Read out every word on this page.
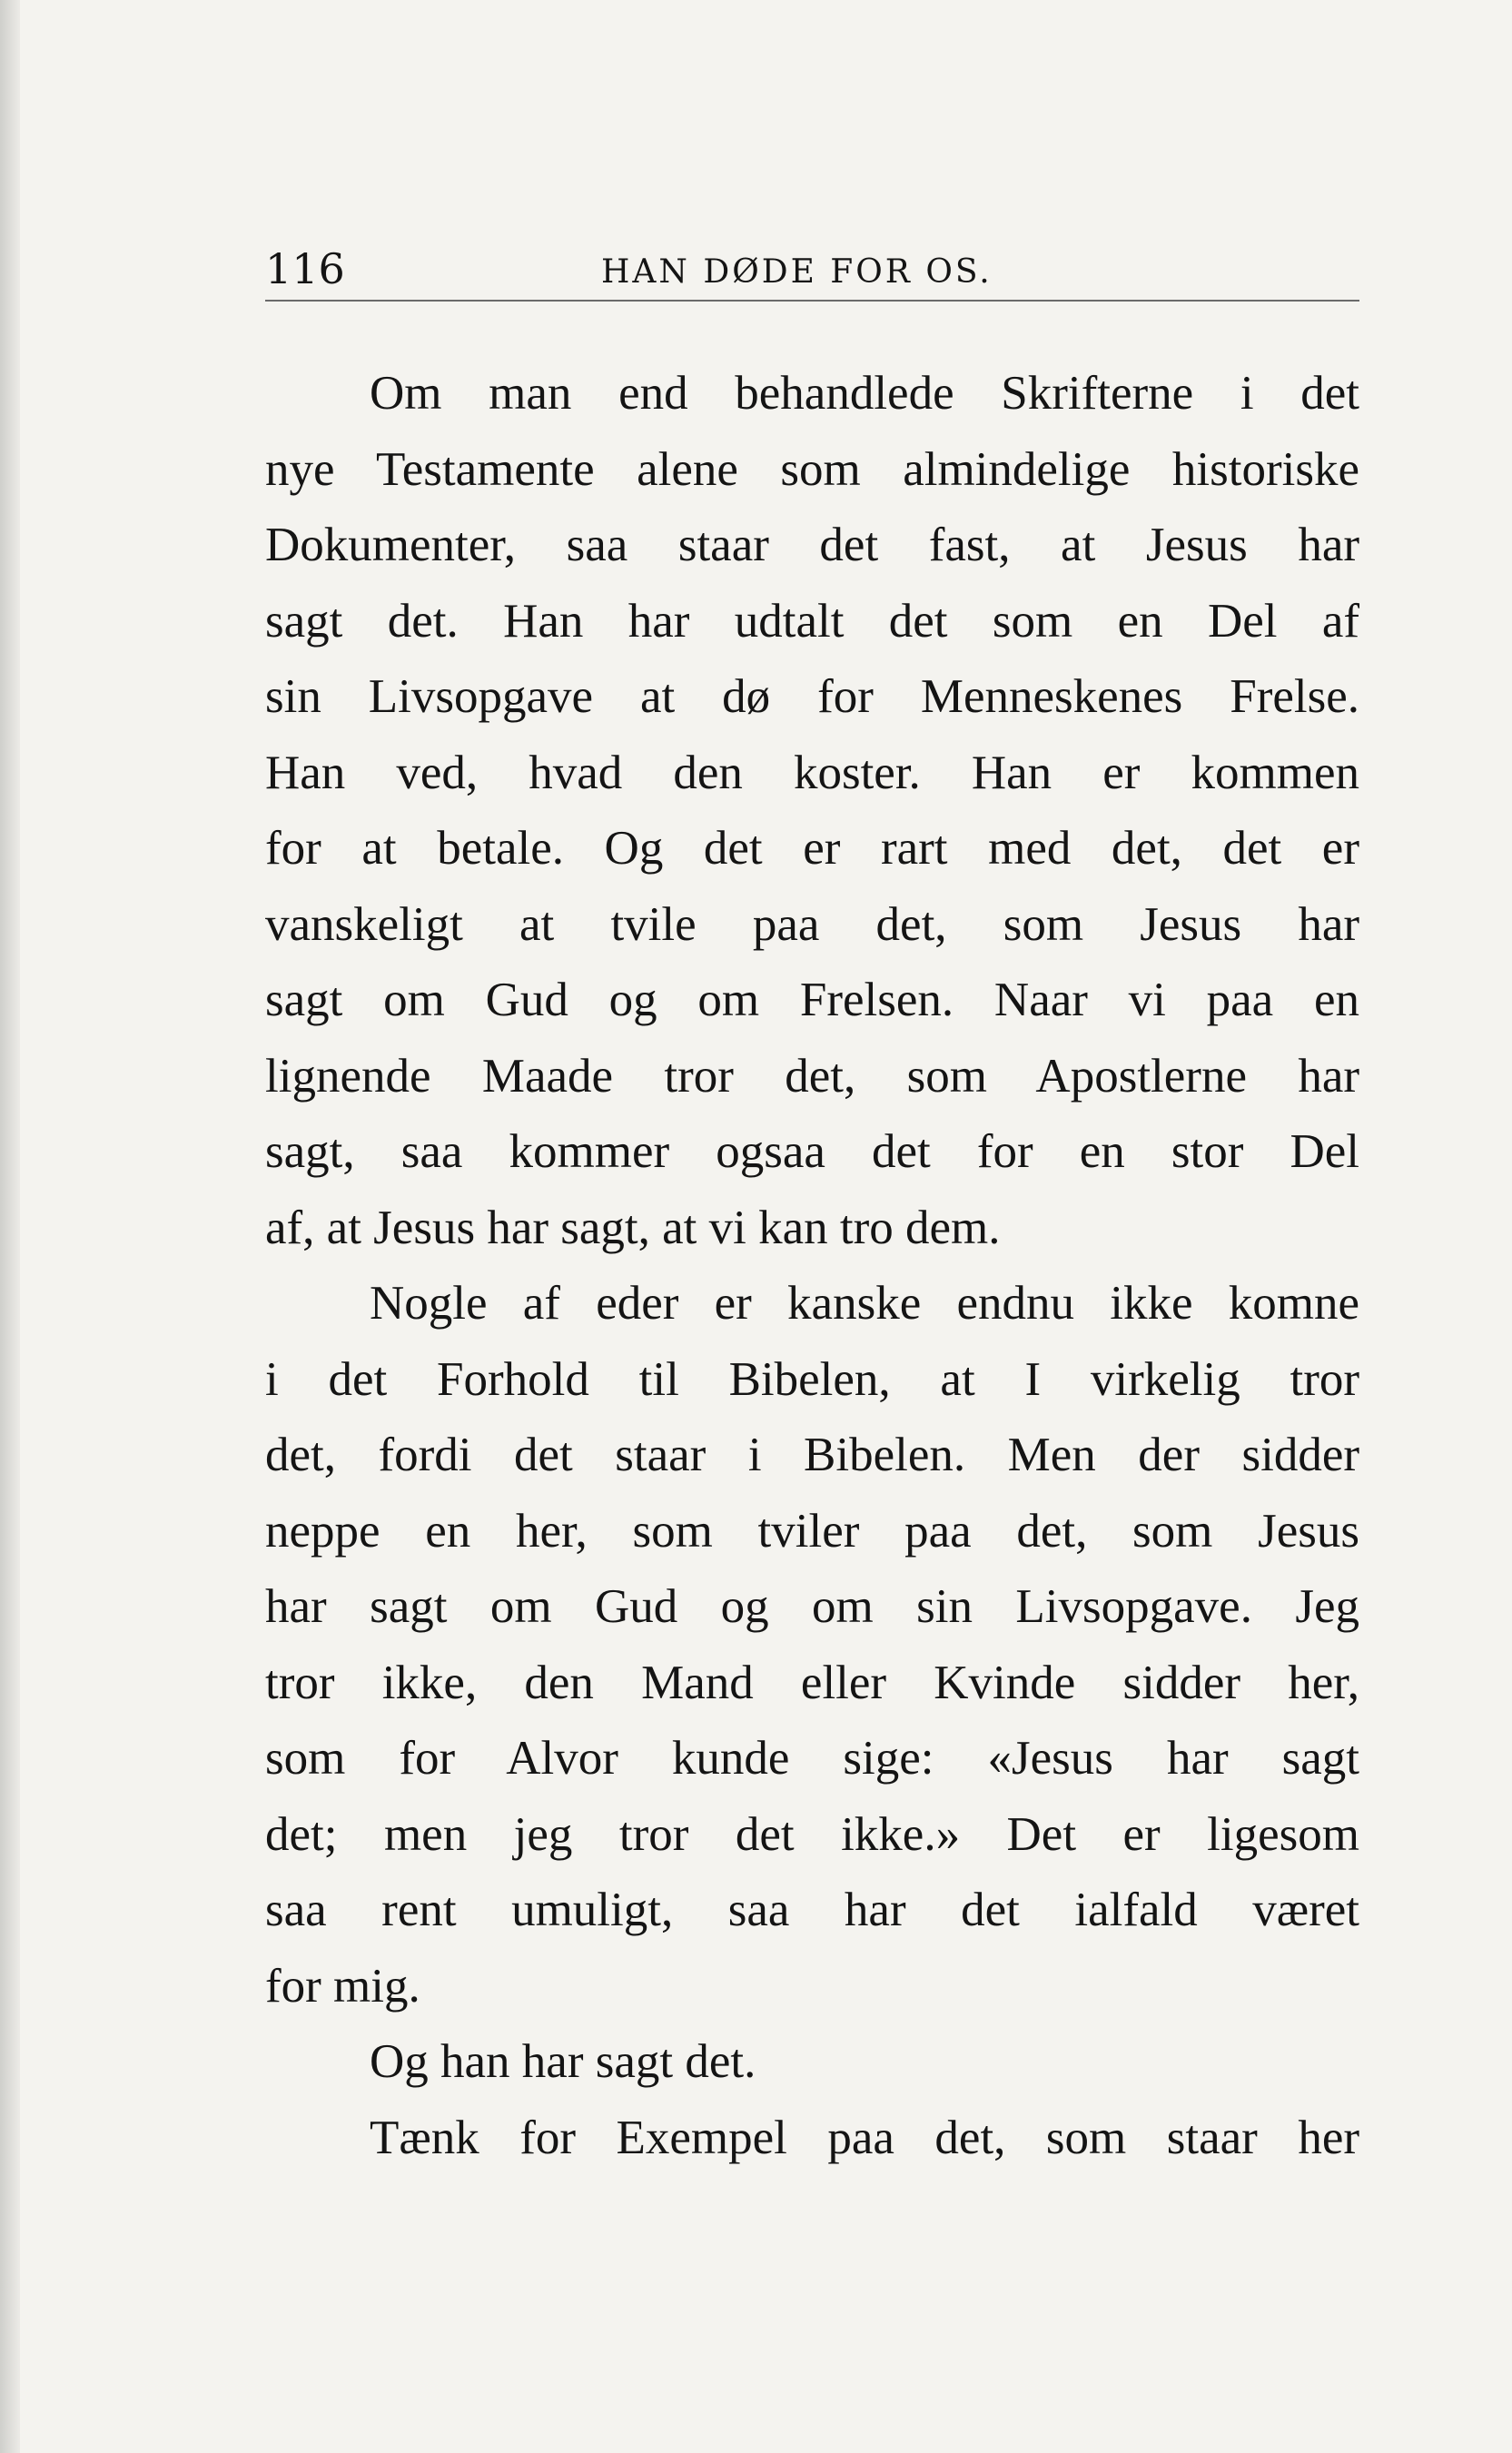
116	HAN DØDE FOR OS.

Om man end behandlede Skrifterne i det
nye Testamente alene som almindelige historiske
Dokumenter, saa staar det fast, at Jesus har
sagt det. Han har udtalt det som en Del af
sin Livsopgave at dø for Menneskenes Frelse.
Han ved, hvad den koster. Han er kommen
for at betale. Og det er rart med det, det er
vanskeligt at tvile paa det, som Jesus har
sagt om Gud og om Frelsen. Naar vi paa en
lignende Maade tror det, som Apostlerne har
sagt, saa kommer ogsaa det for en stor Del
af, at Jesus har sagt, at vi kan tro dem.

Nogle af eder er kanske endnu ikke komne
i det Forhold til Bibelen, at I virkelig tror
det, fordi det staar i Bibelen. Men der sidder
neppe en her, som tviler paa det, som Jesus
har sagt om Gud og om sin Livsopgave. Jeg
tror ikke, den Mand eller Kvinde sidder her,
som for Alvor kunde sige: «Jesus har sagt
det; men jeg tror det ikke.» Det er ligesom
saa rent umuligt, saa har det ialfald været
for mig.

Og han har sagt det.

Tænk for Exempel paa det, som staar her
